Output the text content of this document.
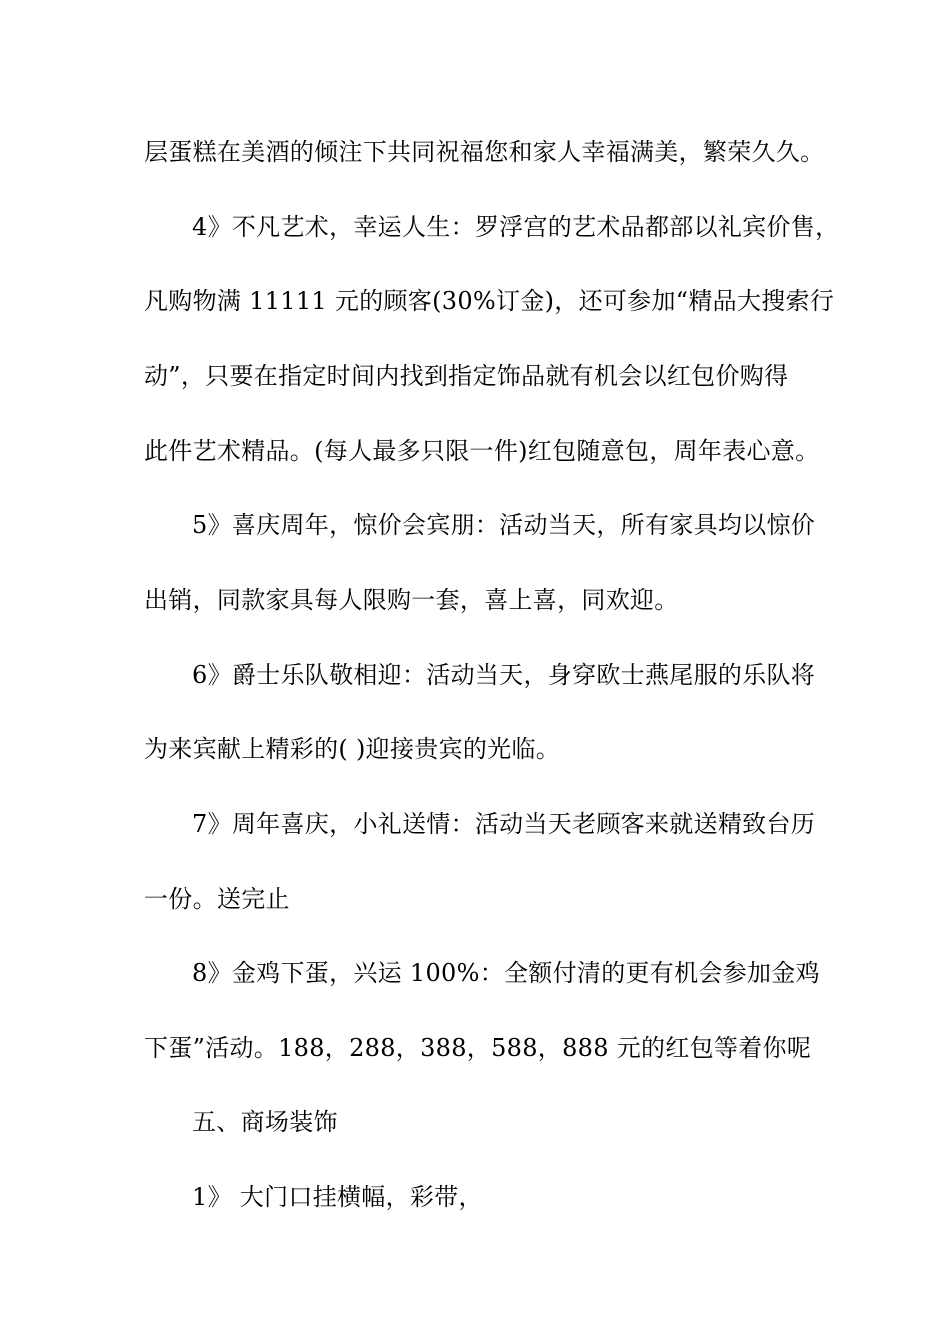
层蛋糕在美酒的倾注下共同祝福您和家人幸福满美，繁荣久久。
4》不凡艺术，幸运人生：罗浮宫的艺术品都部以礼宾价售，
凡购物满 11111 元的顾客(30%订金)，还可参加“精品大搜索行
动”，只要在指定时间内找到指定饰品就有机会以红包价购得
此件艺术精品。(每人最多只限一件)红包随意包，周年表心意。
5》喜庆周年，惊价会宾朋：活动当天，所有家具均以惊价
出销，同款家具每人限购一套，喜上喜，同欢迎。
6》爵士乐队敬相迎：活动当天，身穿欧士燕尾服的乐队将
为来宾献上精彩的( )迎接贵宾的光临。
7》周年喜庆，小礼送情：活动当天老顾客来就送精致台历
一份。送完止
8》金鸡下蛋，兴运 100%：全额付清的更有机会参加金鸡
下蛋”活动。188，288，388，588，888 元的红包等着你呢
五、商场装饰
1》 大门口挂横幅，彩带，
